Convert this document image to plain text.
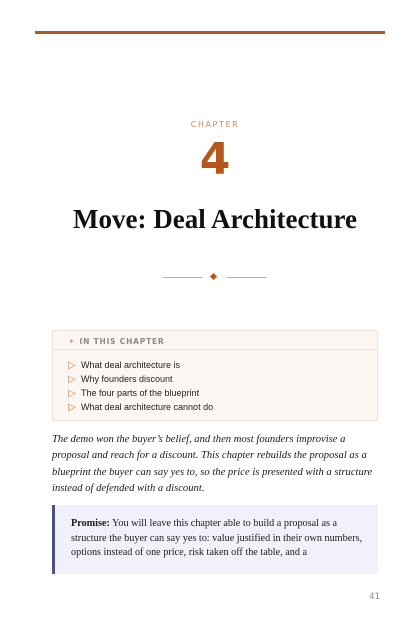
CHAPTER
4
Move: Deal Architecture
✦ IN THIS CHAPTER
▷ What deal architecture is
▷ Why founders discount
▷ The four parts of the blueprint
▷ What deal architecture cannot do

The demo won the buyer’s belief, and then most founders improvise a proposal and reach for a discount. This chapter rebuilds the proposal as a blueprint the buyer can say yes to, so the price is presented with a structure instead of defended with a discount.

Promise: You will leave this chapter able to build a proposal as a structure the buyer can say yes to: value justified in their own numbers, options instead of one price, risk taken off the table, and a

41
